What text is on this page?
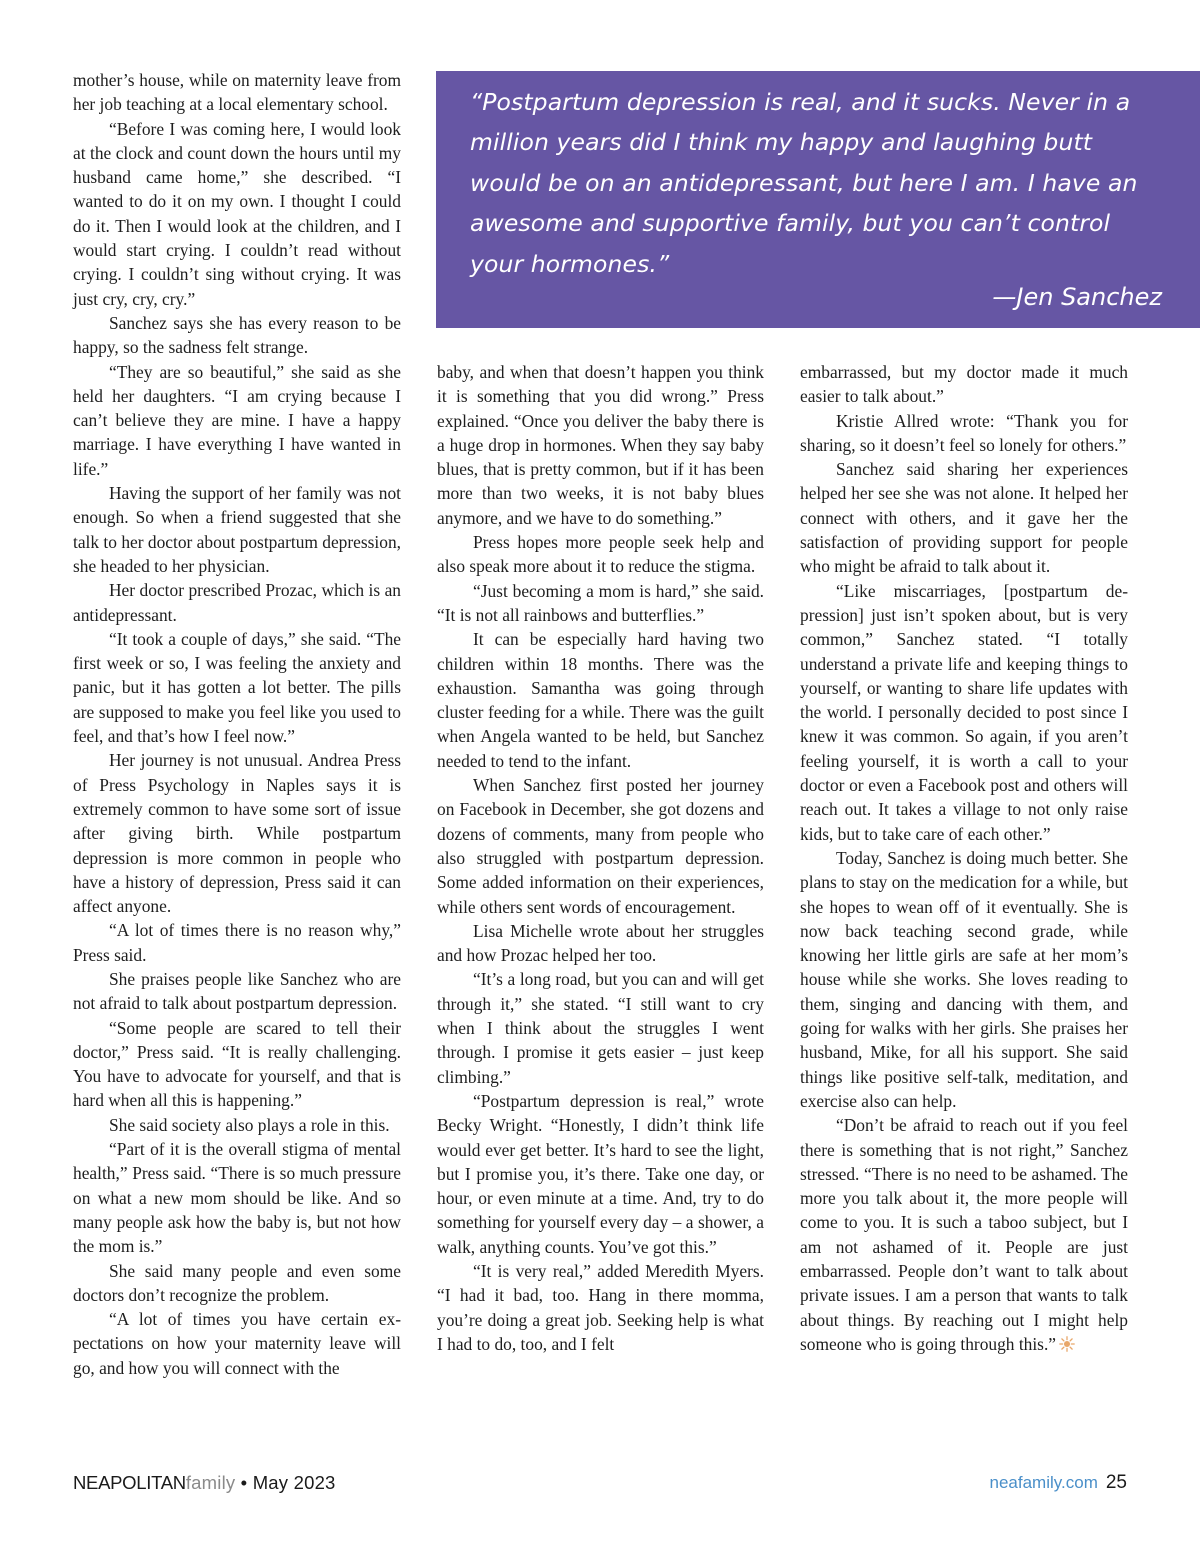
mother’s house, while on maternity leave from her job teaching at a local elementary school.

“Before I was coming here, I would look at the clock and count down the hours until my husband came home,” she described. “I wanted to do it on my own. I thought I could do it. Then I would look at the children, and I would start crying. I couldn’t read without crying. I couldn’t sing without crying. It was just cry, cry, cry.”

Sanchez says she has every reason to be happy, so the sadness felt strange.

“They are so beautiful,” she said as she held her daughters. “I am crying because I can’t believe they are mine. I have a happy marriage. I have everything I have wanted in life.”

Having the support of her family was not enough. So when a friend suggested that she talk to her doctor about postpartum depression, she headed to her physician.

Her doctor prescribed Prozac, which is an antidepressant.

“It took a couple of days,” she said. “The first week or so, I was feeling the anxiety and panic, but it has gotten a lot better. The pills are supposed to make you feel like you used to feel, and that’s how I feel now.”

Her journey is not unusual. Andrea Press of Press Psychology in Naples says it is extremely common to have some sort of issue after giving birth. While postpartum depression is more common in people who have a history of depression, Press said it can affect anyone.

“A lot of times there is no reason why,” Press said.

She praises people like Sanchez who are not afraid to talk about postpartum depression.

“Some people are scared to tell their doctor,” Press said. “It is really challenging. You have to advocate for yourself, and that is hard when all this is happening.”

She said society also plays a role in this.

“Part of it is the overall stigma of mental health,” Press said. “There is so much pressure on what a new mom should be like. And so many people ask how the baby is, but not how the mom is.”

She said many people and even some doctors don’t recognize the problem.

“A lot of times you have certain expectations on how your maternity leave will go, and how you will connect with the

“Postpartum depression is real, and it sucks. Never in a million years did I think my happy and laughing butt would be on an antidepressant, but here I am. I have an awesome and supportive family, but you can’t control your hormones.”
—Jen Sanchez

baby, and when that doesn’t happen you think it is something that you did wrong.” Press explained. “Once you deliver the baby there is a huge drop in hormones. When they say baby blues, that is pretty common, but if it has been more than two weeks, it is not baby blues anymore, and we have to do something.”

Press hopes more people seek help and also speak more about it to reduce the stigma.

“Just becoming a mom is hard,” she said. “It is not all rainbows and butterflies.”

It can be especially hard having two children within 18 months. There was the exhaustion. Samantha was going through cluster feeding for a while. There was the guilt when Angela wanted to be held, but Sanchez needed to tend to the infant.

When Sanchez first posted her journey on Facebook in December, she got dozens and dozens of comments, many from people who also struggled with postpartum depression. Some added information on their experiences, while others sent words of encouragement.

Lisa Michelle wrote about her struggles and how Prozac helped her too.

“It’s a long road, but you can and will get through it,” she stated. “I still want to cry when I think about the struggles I went through. I promise it gets easier – just keep climbing.”

“Postpartum depression is real,” wrote Becky Wright. “Honestly, I didn’t think life would ever get better. It’s hard to see the light, but I promise you, it’s there. Take one day, or hour, or even minute at a time. And, try to do something for yourself every day – a shower, a walk, anything counts. You’ve got this.”

“It is very real,” added Meredith Myers. “I had it bad, too. Hang in there momma, you’re doing a great job. Seeking help is what I had to do, too, and I felt

embarrassed, but my doctor made it much easier to talk about.”

Kristie Allred wrote: “Thank you for sharing, so it doesn’t feel so lonely for others.”

Sanchez said sharing her experiences helped her see she was not alone. It helped her connect with others, and it gave her the satisfaction of providing support for people who might be afraid to talk about it.

“Like miscarriages, [postpartum depression] just isn’t spoken about, but is very common,” Sanchez stated. “I totally understand a private life and keeping things to yourself, or wanting to share life updates with the world. I personally decided to post since I knew it was common. So again, if you aren’t feeling yourself, it is worth a call to your doctor or even a Facebook post and others will reach out. It takes a village to not only raise kids, but to take care of each other.”

Today, Sanchez is doing much better. She plans to stay on the medication for a while, but she hopes to wean off of it eventually. She is now back teaching second grade, while knowing her little girls are safe at her mom’s house while she works. She loves reading to them, singing and dancing with them, and going for walks with her girls. She praises her husband, Mike, for all his support. She said things like positive self-talk, meditation, and exercise also can help.

“Don’t be afraid to reach out if you feel there is something that is not right,” Sanchez stressed. “There is no need to be ashamed. The more you talk about it, the more people will come to you. It is such a taboo subject, but I am not ashamed of it. People are just embarrassed. People don’t want to talk about private issues. I am a person that wants to talk about things. By reaching out I might help someone who is going through this.”

NEAPOLITANfamily • May 2023	neafamily.com 25
